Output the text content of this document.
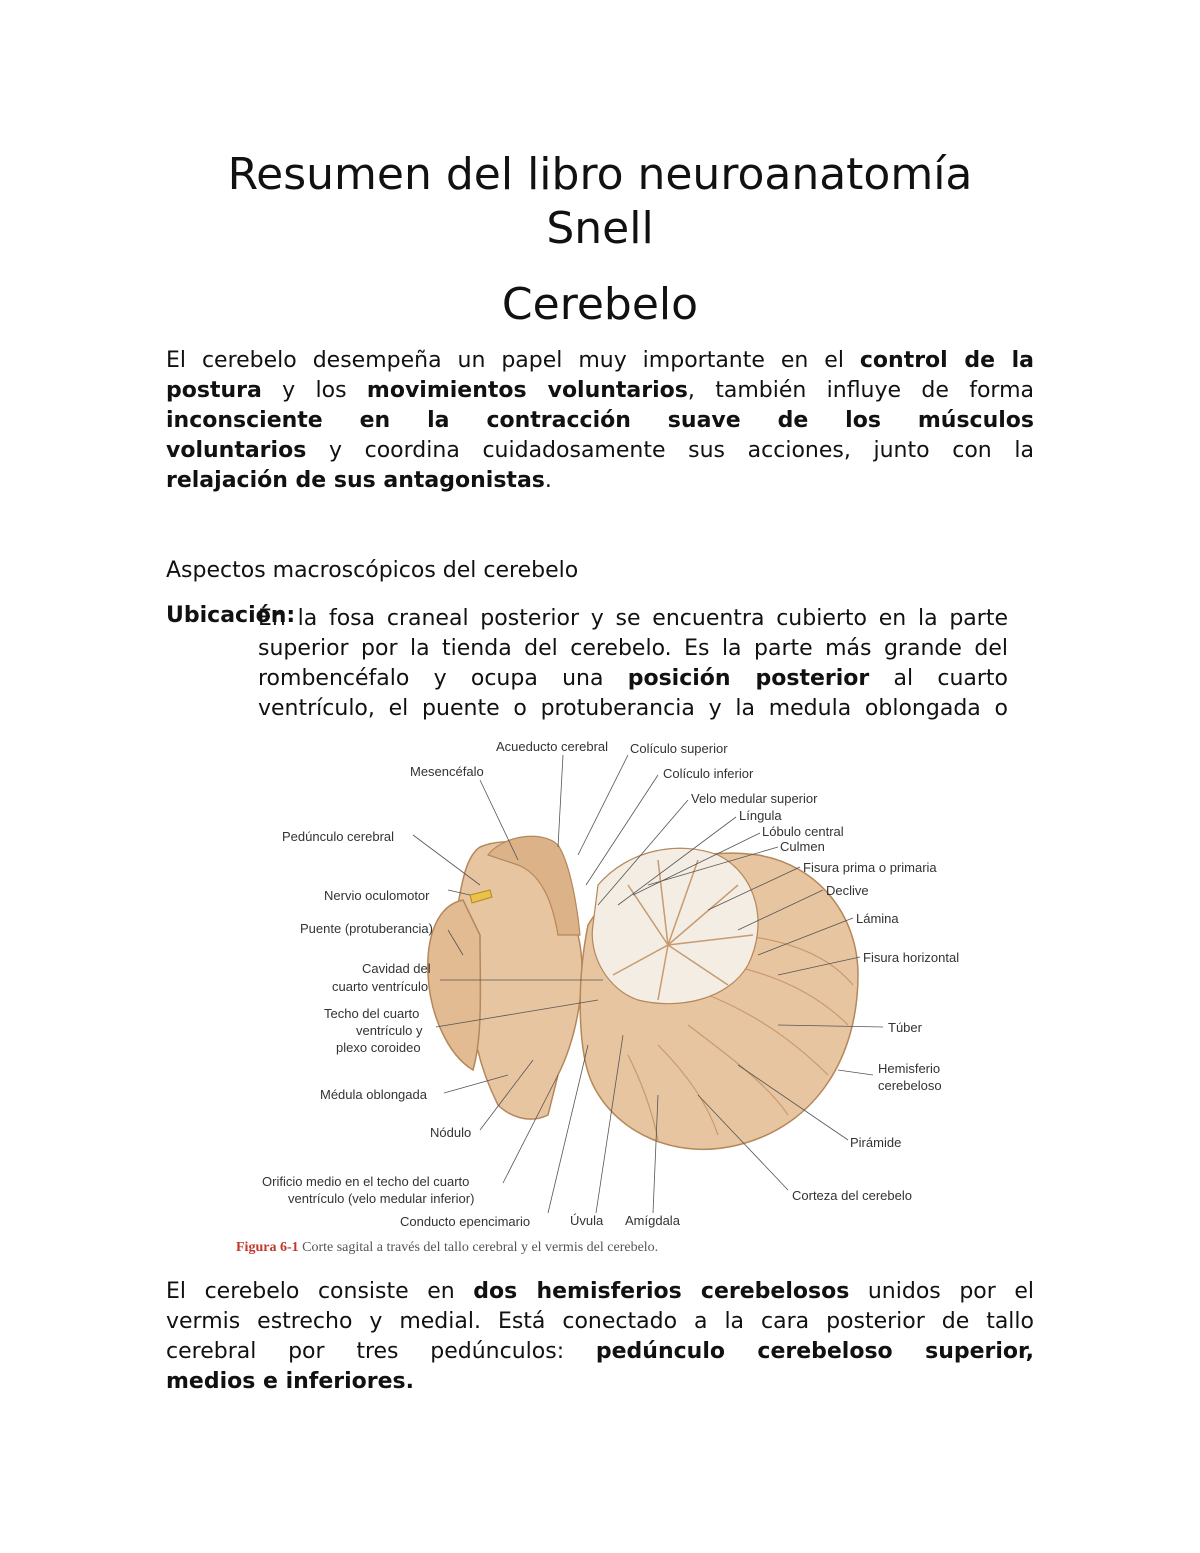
Resumen del libro neuroanatomía
Snell
Cerebelo
El cerebelo desempeña un papel muy importante en el control de la
postura y los movimientos voluntarios, también influye de forma
inconsciente en la contracción suave de los músculos
voluntarios y coordina cuidadosamente sus acciones, junto con la
relajación de sus antagonistas.

Aspectos macroscópicos del cerebelo

Ubicación:
En la fosa craneal posterior y se encuentra cubierto en la parte
superior por la tienda del cerebelo. Es la parte más grande del
rombencéfalo y ocupa una posición posterior al cuarto
ventrículo, el puente o protuberancia y la medula oblongada o
Acueducto cerebral Colículo superior
Mesencéfalo	Colículo inferior
Velo medular superior
Língula
Lóbulo central
Culmen
Pedúnculo cerebral
Fisura prima o primaria
Nervio oculomotor	Declive
Lámina
Puente (protuberancia)
Fisura horizontal
Cavidad del
cuarto ventrículo
Techo del cuarto
ventrículo y
plexo coroideo
Túber
Hemisferio
cerebeloso
Médula oblongada
Nódulo
Pirámide
Orificio medio en el techo del cuarto
ventrículo (velo medular inferior)	Corteza del cerebelo
Conducto epencimario	Úvula Amígdala
Figura 6-1 Corte sagital a través del tallo cerebral y el vermis del cerebelo.
El cerebelo consiste en dos hemisferios cerebelosos unidos por el
vermis estrecho y medial. Está conectado a la cara posterior de tallo
cerebral por tres pedúnculos: pedúnculo cerebeloso superior,
medios e inferiores.
